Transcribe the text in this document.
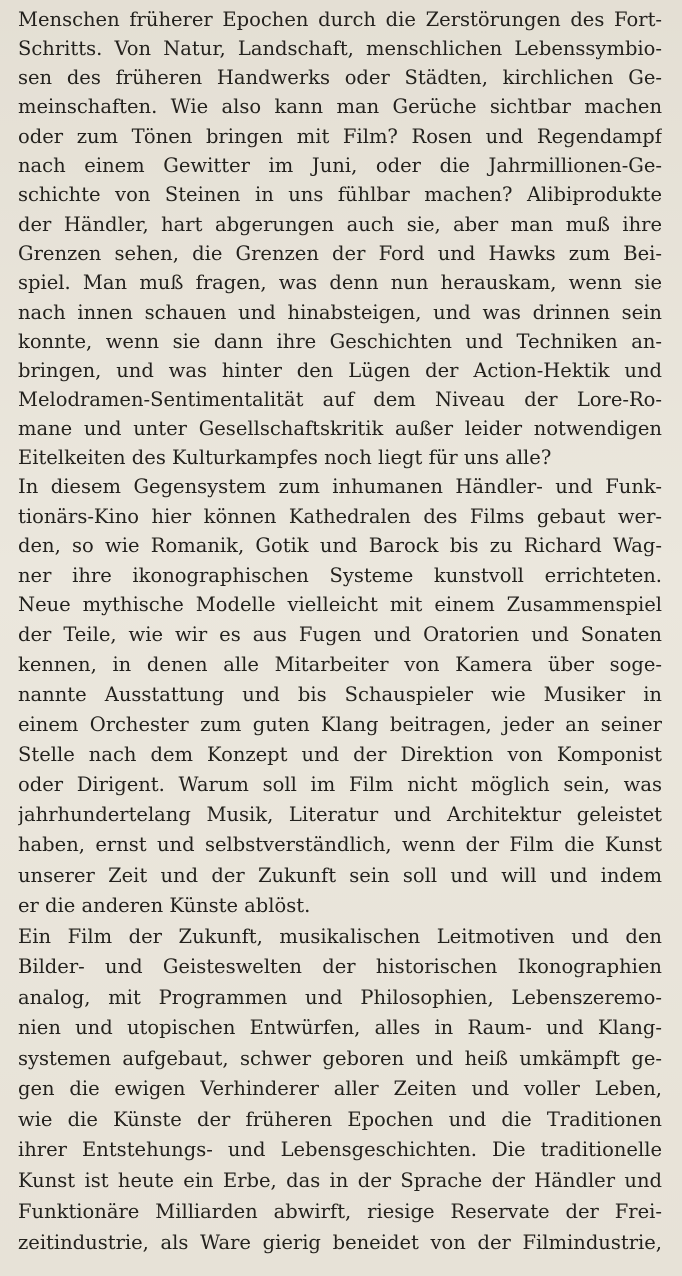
Menschen früherer Epochen durch die Zerstörungen des Fort-
Schritts. Von Natur, Landschaft, menschlichen Lebenssymbio-
sen des früheren Handwerks oder Städten, kirchlichen Ge-
meinschaften. Wie also kann man Gerüche sichtbar machen
oder zum Tönen bringen mit Film? Rosen und Regendampf
nach einem Gewitter im Juni, oder die Jahrmillionen-Ge-
schichte von Steinen in uns fühlbar machen? Alibiprodukte
der Händler, hart abgerungen auch sie, aber man muß ihre
Grenzen sehen, die Grenzen der Ford und Hawks zum Bei-
spiel. Man muß fragen, was denn nun herauskam, wenn sie
nach innen schauen und hinabsteigen, und was drinnen sein
konnte, wenn sie dann ihre Geschichten und Techniken an-
bringen, und was hinter den Lügen der Action-Hektik und
Melodramen-Sentimentalität auf dem Niveau der Lore-Ro-
mane und unter Gesellschaftskritik außer leider notwendigen
Eitelkeiten des Kulturkampfes noch liegt für uns alle?
In diesem Gegensystem zum inhumanen Händler- und Funk-
tionärs-Kino hier können Kathedralen des Films gebaut wer-
den, so wie Romanik, Gotik und Barock bis zu Richard Wag-
ner ihre ikonographischen Systeme kunstvoll errichteten.
Neue mythische Modelle vielleicht mit einem Zusammenspiel
der Teile, wie wir es aus Fugen und Oratorien und Sonaten
kennen, in denen alle Mitarbeiter von Kamera über soge-
nannte Ausstattung und bis Schauspieler wie Musiker in
einem Orchester zum guten Klang beitragen, jeder an seiner
Stelle nach dem Konzept und der Direktion von Komponist
oder Dirigent. Warum soll im Film nicht möglich sein, was
jahrhundertelang Musik, Literatur und Architektur geleistet
haben, ernst und selbstverständlich, wenn der Film die Kunst
unserer Zeit und der Zukunft sein soll und will und indem
er die anderen Künste ablöst.
Ein Film der Zukunft, musikalischen Leitmotiven und den
Bilder- und Geisteswelten der historischen Ikonographien
analog, mit Programmen und Philosophien, Lebenszeremo-
nien und utopischen Entwürfen, alles in Raum- und Klang-
systemen aufgebaut, schwer geboren und heiß umkämpft ge-
gen die ewigen Verhinderer aller Zeiten und voller Leben,
wie die Künste der früheren Epochen und die Traditionen
ihrer Entstehungs- und Lebensgeschichten. Die traditionelle
Kunst ist heute ein Erbe, das in der Sprache der Händler und
Funktionäre Milliarden abwirft, riesige Reservate der Frei-
zeitindustrie, als Ware gierig beneidet von der Filmindustrie,
